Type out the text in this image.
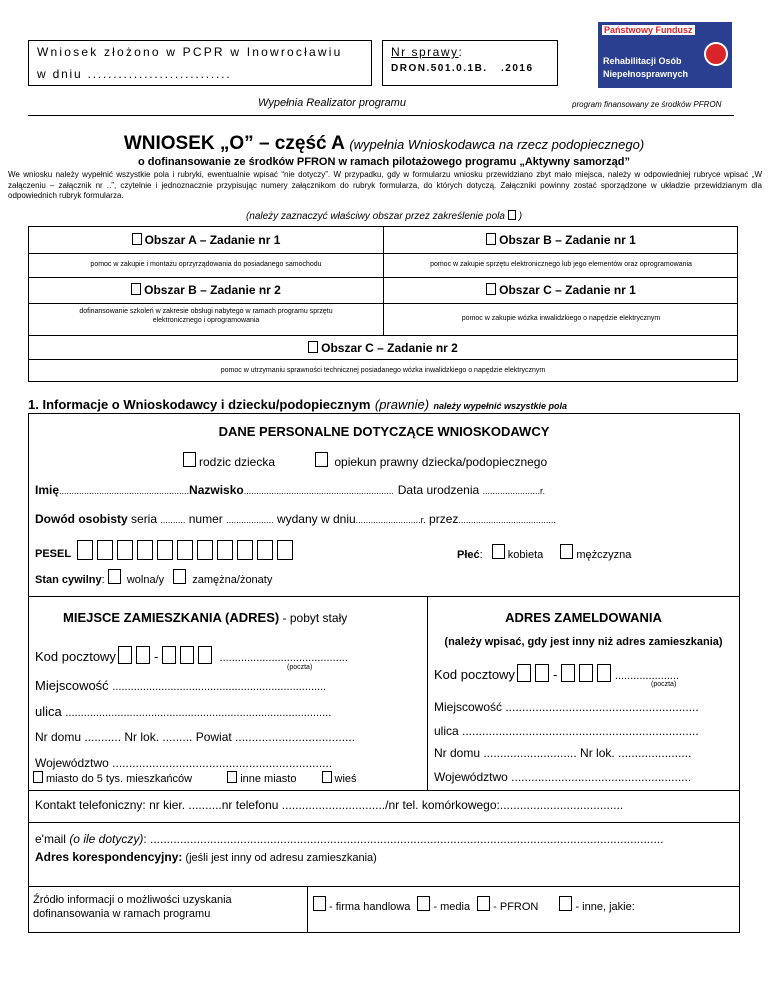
Wniosek złożono w PCPR w Inowrocławiu
w dniu ............................
Nr sprawy:
DRON.501.0.1B. .2016
Państwowy Fundusz
Rehabilitacji Osób
Niepełnosprawnych
Wypełnia Realizator programu	program finansowany ze środków PFRON
WNIOSEK „O” – część A (wypełnia Wnioskodawca na rzecz podopiecznego)
o dofinansowanie ze środków PFRON w ramach pilotażowego programu „Aktywny samorząd”
We wniosku należy wypełnić wszystkie pola i rubryki, ewentualnie wpisać “nie dotyczy”. W przypadku, gdy w formularzu wniosku przewidziano zbyt mało miejsca, należy w odpowiedniej rubryce wpisać „W załączeniu – załącznik nr ..”, czytelnie i jednoznacznie przypisując numery załącznikom do rubryk formularza, do których dotyczą. Załączniki powinny zostać sporządzone w układzie przewidzianym dla odpowiednich rubryk formularza.
(należy zaznaczyć właściwy obszar przez zakreślenie pola )
Obszar A – Zadanie nr 1
pomoc w zakupie i montażu oprzyrządowania do posiadanego samochodu
Obszar B – Zadanie nr 1
pomoc w zakupie sprzętu elektronicznego lub jego elementów oraz oprogramowania
Obszar B – Zadanie nr 2
dofinansowanie szkoleń w zakresie obsługi nabytego w ramach programu sprzętu elektronicznego i oprogramowania
Obszar C – Zadanie nr 1
pomoc w zakupie wózka inwalidzkiego o napędzie elektrycznym
Obszar C – Zadanie nr 2
pomoc w utrzymaniu sprawności technicznej posiadanego wózka inwalidzkiego o napędzie elektrycznym
1. Informacje o Wnioskodawcy i dziecku/podopiecznym (prawnie) należy wypełnić wszystkie pola
DANE PERSONALNE DOTYCZĄCE WNIOSKODAWCY
rodzic dziecka	opiekun prawny dziecka/podopiecznego
Imię....................................................Nazwisko............................................................ Data urodzenia .......................r.
Dowód osobisty seria .......... numer ................... wydany w dniu..........................r. przez.......................................
PESEL	Płeć: kobieta	mężczyzna
Stan cywilny:  wolna/y	zamężna/żonaty
MIEJSCE ZAMIESZKANIA (ADRES) - pobyt stały
Kod pocztowy	-	..........................................
(poczta)
Miejscowość ......................................................................
ulica .......................................................................................
Nr domu ........... Nr lok. ......... Powiat ....................................
Województwo ..................................................................
miasto do 5 tys. mieszkańców	inne miasto	wieś
ADRES ZAMELDOWANIA
(należy wpisać, gdy jest inny niż adres zamieszkania)
Kod pocztowy	-	.....................
(poczta)
Miejscowość ..........................................................
ulica .......................................................................
Nr domu ............................ Nr lok. ......................
Województwo ......................................................
Kontakt telefoniczny: nr kier. ..........nr telefonu .............................../nr tel. komórkowego:.....................................
e'mail (o ile dotyczy): ..........................................................................................................................................................
Adres korespondencyjny: (jeśli jest inny od adresu zamieszkania)
Źródło informacji o możliwości uzyskania
dofinansowania w ramach programu
- firma handlowa - media - PFRON	- inne, jakie:
